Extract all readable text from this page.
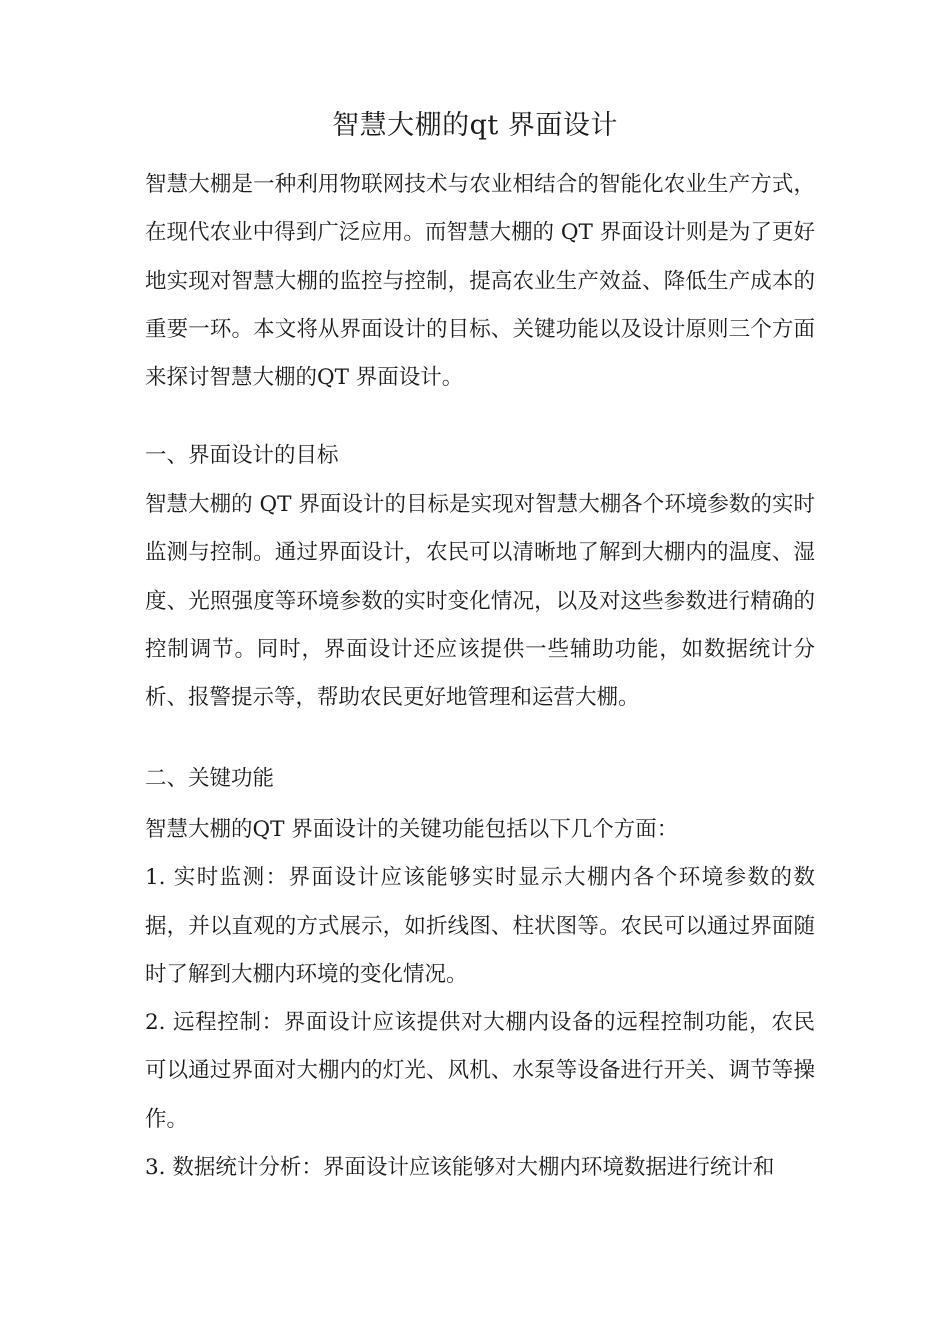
智慧大棚的qt 界面设计
智慧大棚是一种利用物联网技术与农业相结合的智能化农业生产方式，在现代农业中得到广泛应用。而智慧大棚的 QT 界面设计则是为了更好地实现对智慧大棚的监控与控制，提高农业生产效益、降低生产成本的重要一环。本文将从界面设计的目标、关键功能以及设计原则三个方面来探讨智慧大棚的QT 界面设计。
一、界面设计的目标
智慧大棚的 QT 界面设计的目标是实现对智慧大棚各个环境参数的实时监测与控制。通过界面设计，农民可以清晰地了解到大棚内的温度、湿度、光照强度等环境参数的实时变化情况，以及对这些参数进行精确的控制调节。同时，界面设计还应该提供一些辅助功能，如数据统计分析、报警提示等，帮助农民更好地管理和运营大棚。
二、关键功能
智慧大棚的QT 界面设计的关键功能包括以下几个方面：
1. 实时监测：界面设计应该能够实时显示大棚内各个环境参数的数据，并以直观的方式展示，如折线图、柱状图等。农民可以通过界面随时了解到大棚内环境的变化情况。
2. 远程控制：界面设计应该提供对大棚内设备的远程控制功能，农民可以通过界面对大棚内的灯光、风机、水泵等设备进行开关、调节等操作。
3. 数据统计分析：界面设计应该能够对大棚内环境数据进行统计和
